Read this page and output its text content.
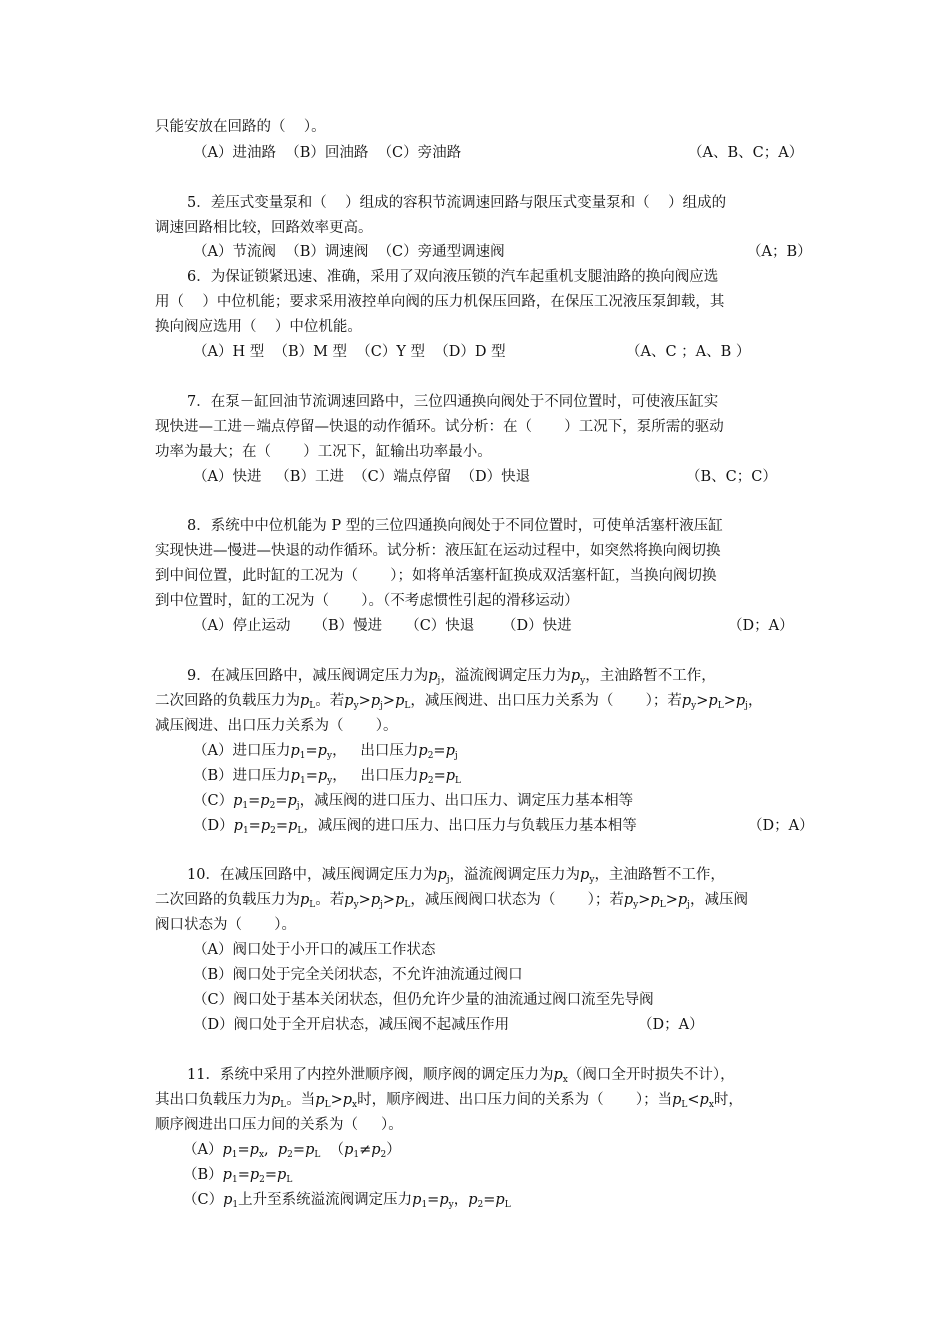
只能安放在回路的（    ）。
（A）进油路  （B）回油路  （C）旁油路	（A、B、C；A）
5．差压式变量泵和（    ）组成的容积节流调速回路与限压式变量泵和（    ）组成的
调速回路相比较，回路效率更高。
（A）节流阀  （B）调速阀  （C）旁通型调速阀	（A；B）
6．为保证锁紧迅速、准确，采用了双向液压锁的汽车起重机支腿油路的换向阀应选
用（    ）中位机能；要求采用液控单向阀的压力机保压回路，在保压工况液压泵卸载，其
换向阀应选用（    ）中位机能。
（A）H 型  （B）M 型  （C）Y 型  （D）D 型	（A、C ；A、B ）
7．在泵－缸回油节流调速回路中，三位四通换向阀处于不同位置时，可使液压缸实
现快进—工进－端点停留—快退的动作循环。试分析：在（       ）工况下，泵所需的驱动
功率为最大；在（       ）工况下，缸输出功率最小。
（A）快进   （B）工进  （C）端点停留  （D）快退	（B、C；C）
8．系统中中位机能为 P 型的三位四通换向阀处于不同位置时，可使单活塞杆液压缸
实现快进—慢进—快退的动作循环。试分析：液压缸在运动过程中，如突然将换向阀切换
到中间位置，此时缸的工况为（       ）；如将单活塞杆缸换成双活塞杆缸，当换向阀切换
到中位置时，缸的工况为（       ）。（不考虑惯性引起的滑移运动）
（A）停止运动     （B）慢进     （C）快退      （D）快进	（D；A）
9．在减压回路中，减压阀调定压力为$p_j$，溢流阀调定压力为$p_y$，主油路暂不工作，
二次回路的负载压力为$p_L$。若$p_y>p_j>p_L$，减压阀进、出口压力关系为（       ）；若$p_y>p_L>p_j$，
减压阀进、出口压力关系为（       ）。
（A）进口压力$p_1=p_y$，   出口压力$p_2=p_j$
（B）进口压力$p_1=p_y$，   出口压力$p_2=p_L$
$(C)p_1=p_2=p_j$，减压阀的进口压力、出口压力、调定压力基本相等
$(D)p_1=p_2=p_L$，减压阀的进口压力、出口压力与负载压力基本相等	（D；A）
10．在减压回路中，减压阀调定压力为$p_j$，溢流阀调定压力为$p_y$，主油路暂不工作，
二次回路的负载压力为$p_L$。若$p_y>p_j>p_L$，减压阀阀口状态为（       ）；若$p_y>p_L>p_j$，减压阀
阀口状态为（       ）。
（A）阀口处于小开口的减压工作状态
（B）阀口处于完全关闭状态，不允许油流通过阀口
（C）阀口处于基本关闭状态，但仍允许少量的油流通过阀口流至先导阀
（D）阀口处于全开启状态，减压阀不起减压作用	（D；A）
11．系统中采用了内控外泄顺序阀，顺序阀的调定压力为$p_x$（阀口全开时损失不计），
其出口负载压力为$p_L$。当$p_L>p_x$时，顺序阀进、出口压力间的关系为（       ）；当$p_L<p_x$时，
顺序阀进出口压力间的关系为（     ）。
$(A)p_1=p_x$,  $p_2=p_L$  $(p_1\ne p_2)$
$(B)p_1=p_2=p_L$
$(C)p_1$上升至系统溢流阀调定压力$p_1=p_y$，$p_2=p_L$
